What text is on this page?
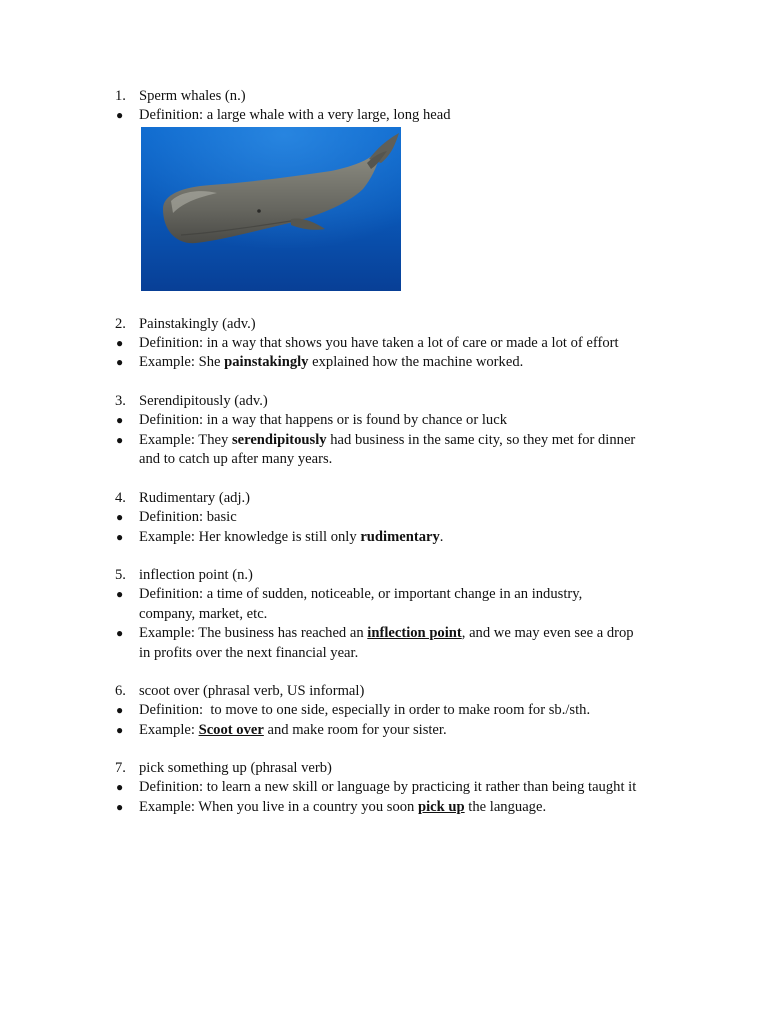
1. Sperm whales (n.)
● Definition: a large whale with a very large, long head
2. Painstakingly (adv.)
● Definition: in a way that shows you have taken a lot of care or made a lot of effort
● Example: She painstakingly explained how the machine worked.
3. Serendipitously (adv.)
● Definition: in a way that happens or is found by chance or luck
● Example: They serendipitously had business in the same city, so they met for dinner
and to catch up after many years.
4. Rudimentary (adj.)
● Definition: basic
● Example: Her knowledge is still only rudimentary.
5. inflection point (n.)
● Definition: a time of sudden, noticeable, or important change in an industry,
company, market, etc.
● Example: The business has reached an inflection point, and we may even see a drop
in profits over the next financial year.
6. scoot over (phrasal verb, US informal)
● Definition:  to move to one side, especially in order to make room for sb./sth.
● Example: Scoot over and make room for your sister.
7. pick something up (phrasal verb)
● Definition: to learn a new skill or language by practicing it rather than being taught it
● Example: When you live in a country you soon pick up the language.
